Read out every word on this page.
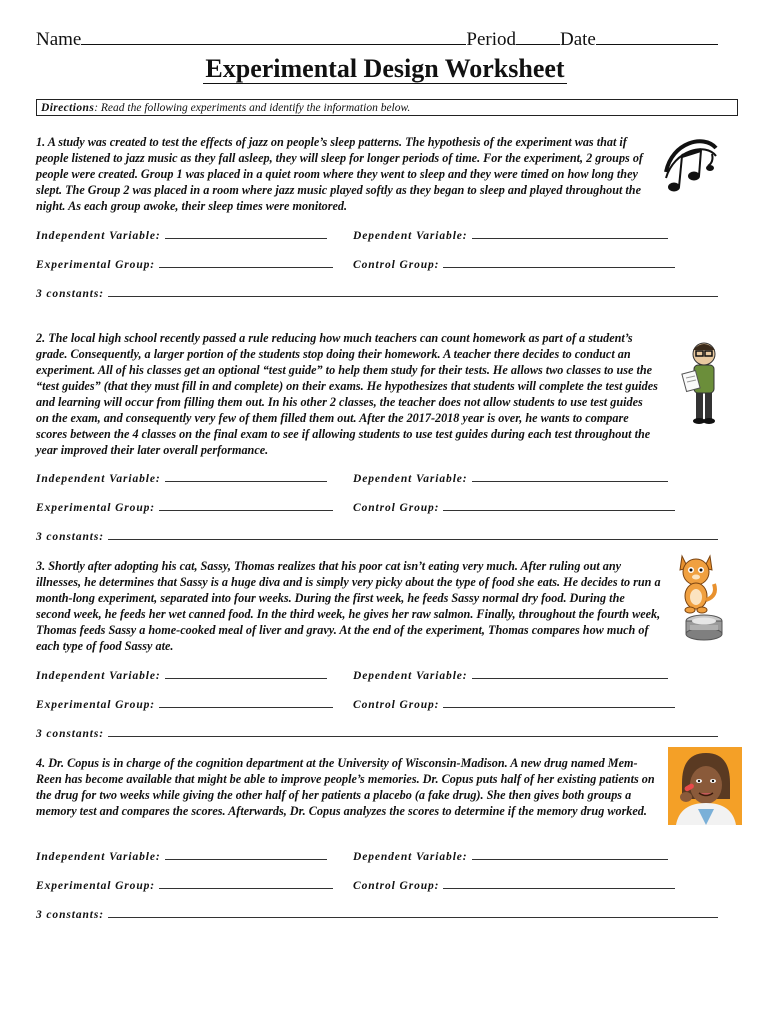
Name	Period Date
Experimental Design Worksheet
Directions: Read the following experiments and identify the information below.
1. A study was created to test the effects of jazz on people’s sleep patterns. The hypothesis of the experiment was that if people listened to jazz music as they fall asleep, they will sleep for longer periods of time. For the experiment, 2 groups of people were created. Group 1 was placed in a quiet room where they went to sleep and they were timed on how long they slept. The Group 2 was placed in a room where jazz music played softly as they began to sleep and played throughout the night. As each group awoke, their sleep times were monitored.
Independent Variable:	Dependent Variable:
Experimental Group:	Control Group:
3 constants:
2. The local high school recently passed a rule reducing how much teachers can count homework as part of a student’s grade. Consequently, a larger portion of the students stop doing their homework. A teacher there decides to conduct an experiment. All of his classes get an optional “test guide” to help them study for their tests. He allows two classes to use the “test guides” (that they must fill in and complete) on their exams. He hypothesizes that students will complete the test guides and learning will occur from filling them out. In his other 2 classes, the teacher does not allow students to use test guides on the exam, and consequently very few of them filled them out. After the 2017-2018 year is over, he wants to compare scores between the 4 classes on the final exam to see if allowing students to use test guides during each test throughout the year improved their later overall performance.
Independent Variable:	Dependent Variable:
Experimental Group:	Control Group:
3 constants:
3. Shortly after adopting his cat, Sassy, Thomas realizes that his poor cat isn’t eating very much. After ruling out any illnesses, he determines that Sassy is a huge diva and is simply very picky about the type of food she eats. He decides to run a month-long experiment, separated into four weeks. During the first week, he feeds Sassy normal dry food. During the second week, he feeds her wet canned food. In the third week, he gives her raw salmon. Finally, throughout the fourth week, Thomas feeds Sassy a home-cooked meal of liver and gravy. At the end of the experiment, Thomas compares how much of each type of food Sassy ate.
Independent Variable:	Dependent Variable:
Experimental Group:	Control Group:
3 constants:
4. Dr. Copus is in charge of the cognition department at the University of Wisconsin-Madison. A new drug named Mem-Reen has become available that might be able to improve people’s memories. Dr. Copus puts half of her existing patients on the drug for two weeks while giving the other half of her patients a placebo (a fake drug). She then gives both groups a memory test and compares the scores. Afterwards, Dr. Copus analyzes the scores to determine if the memory drug worked.
Independent Variable:	Dependent Variable:
Experimental Group:	Control Group:
3 constants:
